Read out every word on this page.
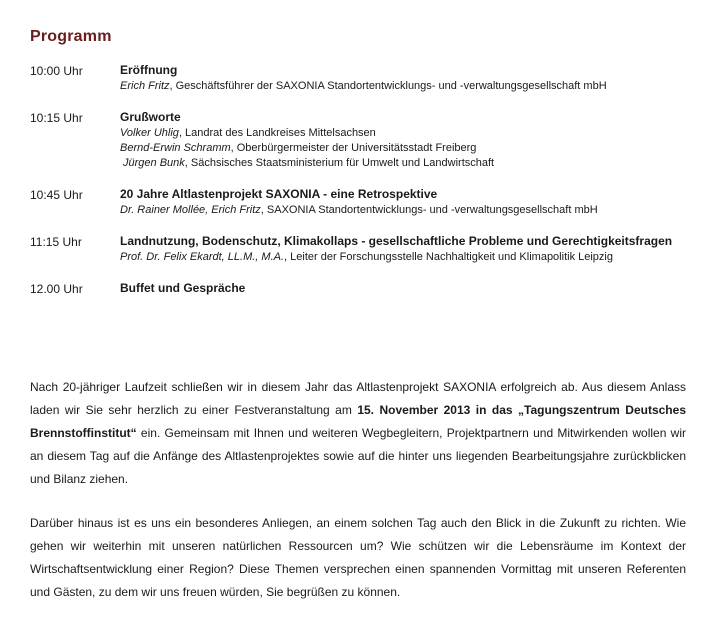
Programm
10:00 Uhr	Eröffnung
Erich Fritz, Geschäftsführer der SAXONIA Standortentwicklungs- und -verwaltungsgesellschaft mbH
10:15 Uhr	Grußworte
Volker Uhlig, Landrat des Landkreises Mittelsachsen
Bernd-Erwin Schramm, Oberbürgermeister der Universitätsstadt Freiberg
Jürgen Bunk, Sächsisches Staatsministerium für Umwelt und Landwirtschaft
10:45 Uhr	20 Jahre Altlastenprojekt SAXONIA - eine Retrospektive
Dr. Rainer Mollée, Erich Fritz, SAXONIA Standortentwicklungs- und -verwaltungsgesellschaft mbH
11:15 Uhr	Landnutzung, Bodenschutz, Klimakollaps - gesellschaftliche Probleme und Gerechtigkeitsfragen
Prof. Dr. Felix Ekardt, LL.M., M.A., Leiter der Forschungsstelle Nachhaltigkeit und Klimapolitik Leipzig
12.00 Uhr	Buffet und Gespräche

Nach 20-jähriger Laufzeit schließen wir in diesem Jahr das Altlastenprojekt SAXONIA erfolgreich ab. Aus diesem Anlass laden wir Sie sehr herzlich zu einer Festveranstaltung am 15. November 2013 in das „Tagungszentrum Deutsches Brennstoffinstitut“ ein. Gemeinsam mit Ihnen und weiteren Wegbegleitern, Projektpartnern und Mitwirkenden wollen wir an diesem Tag auf die Anfänge des Altlastenprojektes sowie auf die hinter uns liegenden Bearbeitungsjahre zurückblicken und Bilanz ziehen.

Darüber hinaus ist es uns ein besonderes Anliegen, an einem solchen Tag auch den Blick in die Zukunft zu richten. Wie gehen wir weiterhin mit unseren natürlichen Ressourcen um? Wie schützen wir die Lebensräume im Kontext der Wirtschaftsentwicklung einer Region? Diese Themen versprechen einen spannenden Vormittag mit unseren Referenten und Gästen, zu dem wir uns freuen würden, Sie begrüßen zu können.
